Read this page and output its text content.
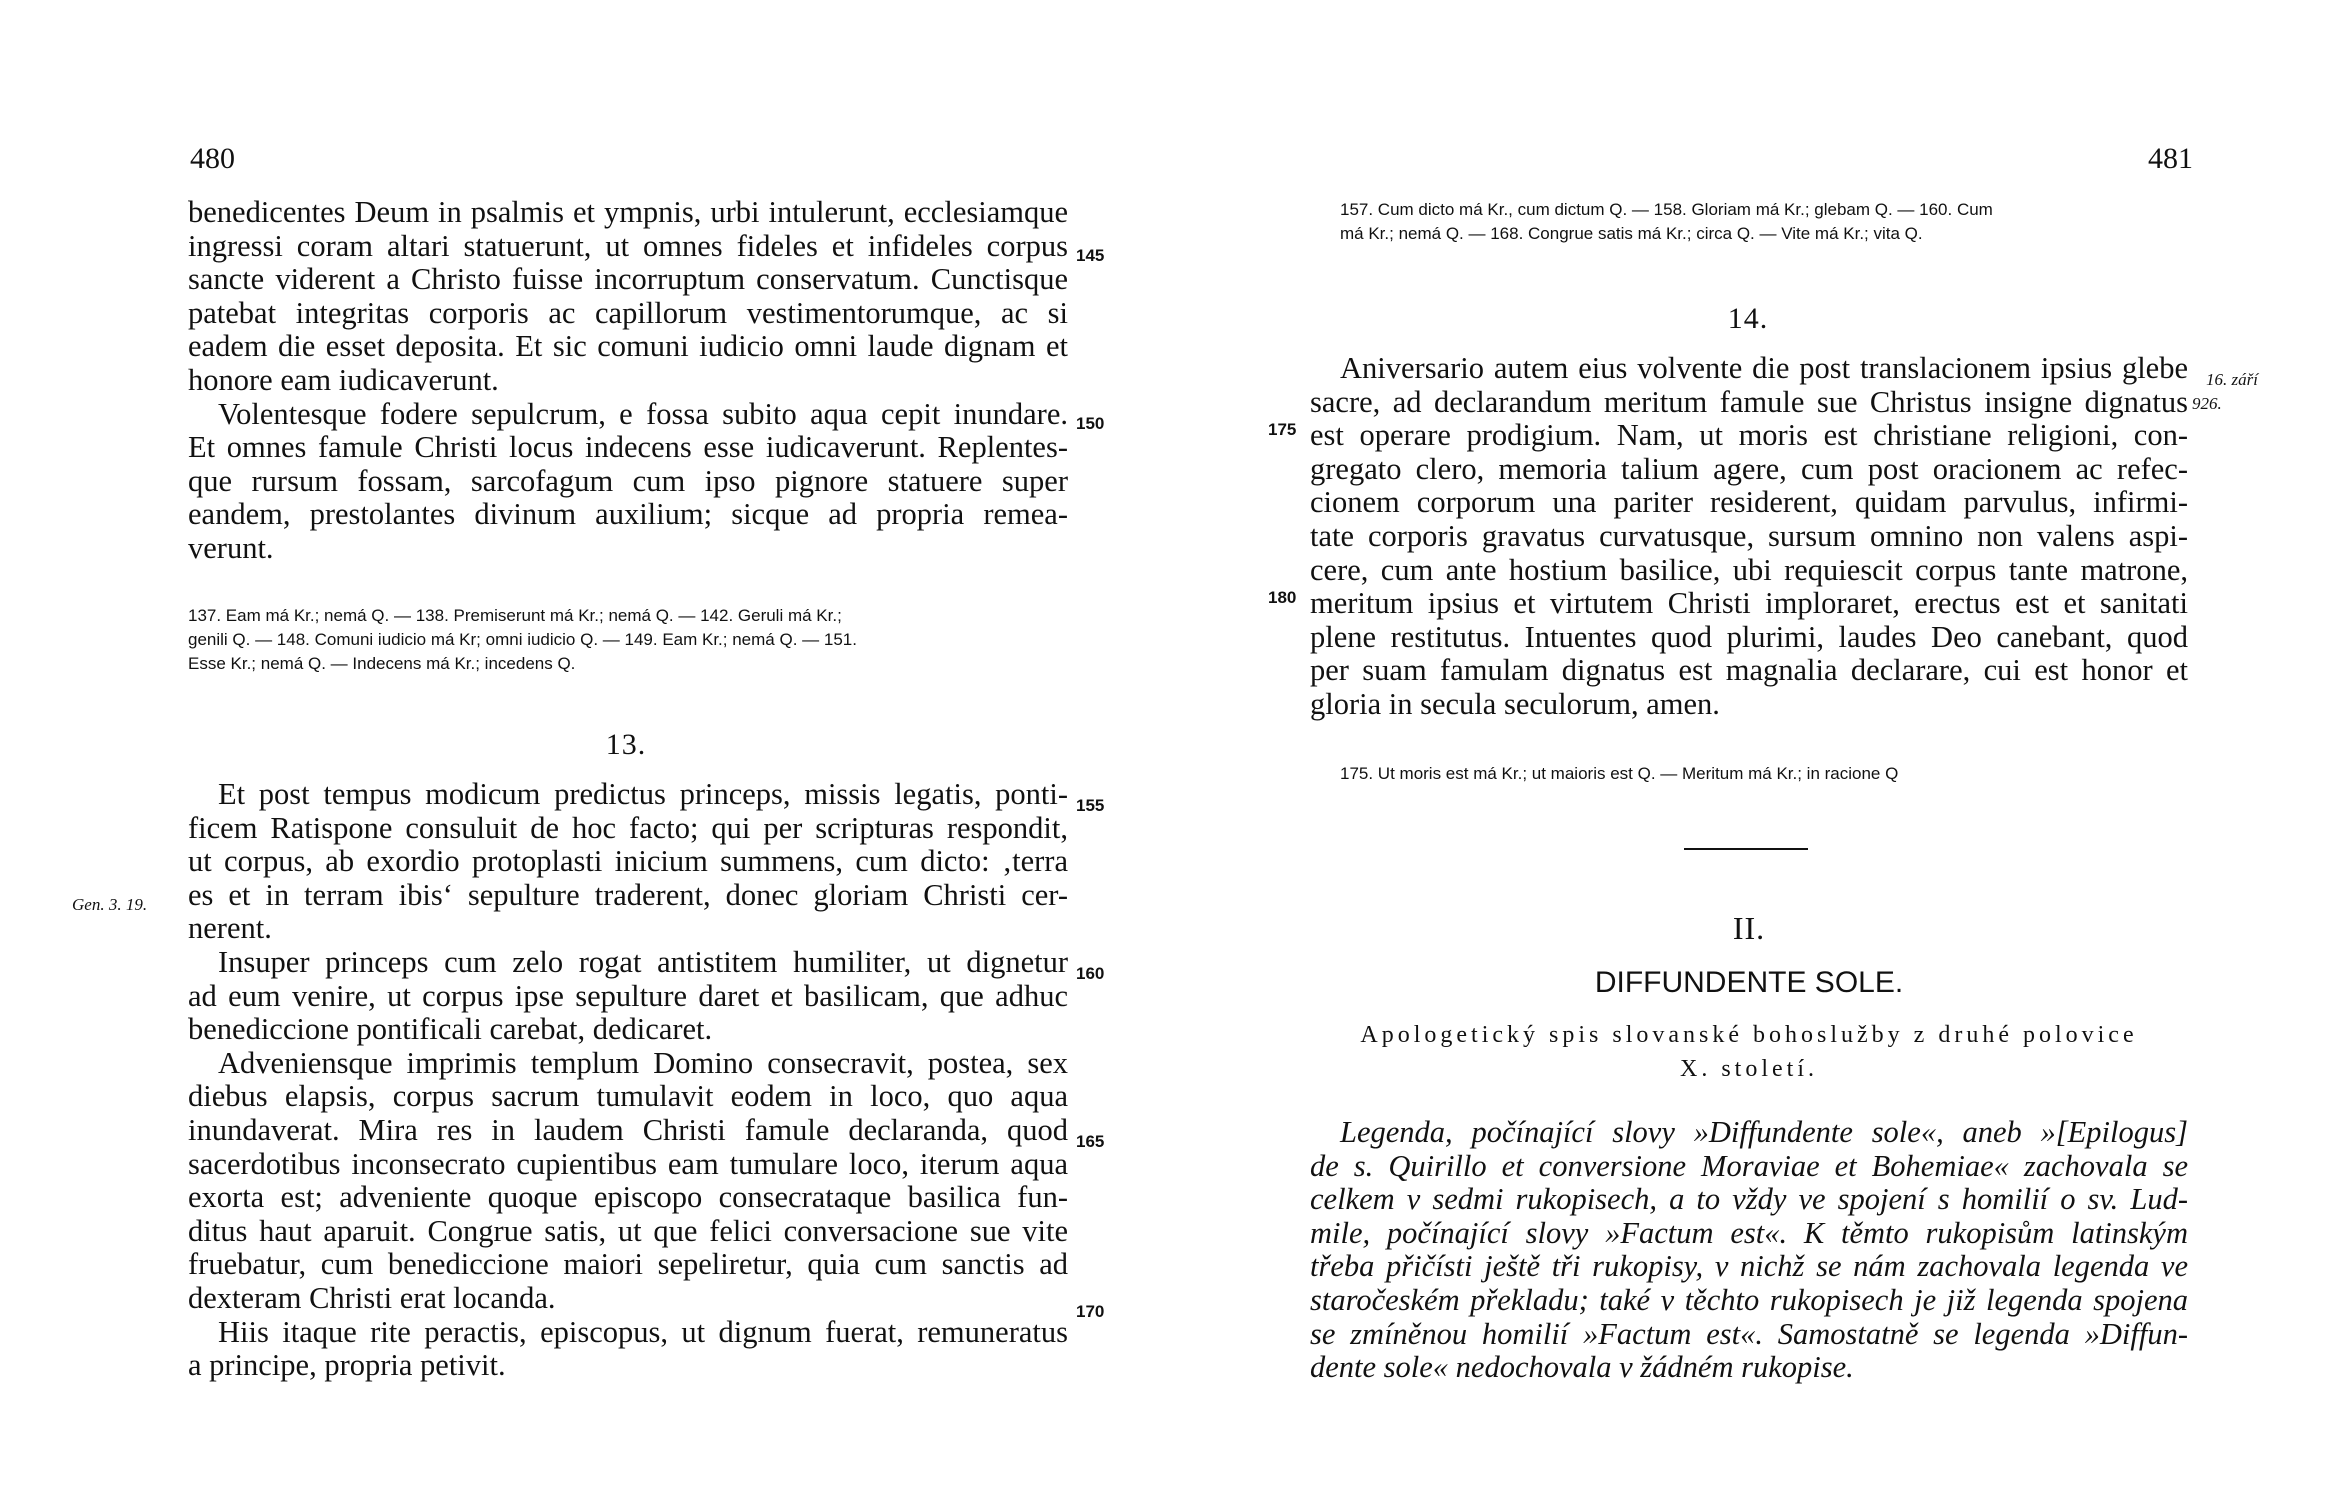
480
benedicentes Deum in psalmis et ympnis, urbi intulerunt, ecclesiamque
ingressi coram altari statuerunt, ut omnes fideles et infideles corpus
sancte viderent a Christo fuisse incorruptum conservatum. Cunctisque
patebat integritas corporis ac capillorum vestimentorumque, ac si
eadem die esset deposita. Et sic comuni iudicio omni laude dignam et
honore eam iudicaverunt.
Volentesque fodere sepulcrum, e fossa subito aqua cepit inundare.
Et omnes famule Christi locus indecens esse iudicaverunt. Replentes-
que rursum fossam, sarcofagum cum ipso pignore statuere super
eandem, prestolantes divinum auxilium; sicque ad propria remea-
verunt.
145
150
137. Eam má Kr.; nemá Q. — 138. Premiserunt má Kr.; nemá Q. — 142. Geruli má Kr.;
genili Q. — 148. Comuni iudicio má Kr; omni iudicio Q. — 149. Eam Kr.; nemá Q. — 151.
Esse Kr.; nemá Q. — Indecens má Kr.; incedens Q.
13.
Et post tempus modicum predictus princeps, missis legatis, ponti-
ficem Ratispone consuluit de hoc facto; qui per scripturas respondit,
ut corpus, ab exordio protoplasti inicium summens, cum dicto: ‚terra
es et in terram ibis‘ sepulture traderent, donec gloriam Christi cer-
nerent.
Insuper princeps cum zelo rogat antistitem humiliter, ut dignetur
ad eum venire, ut corpus ipse sepulture daret et basilicam, que adhuc
benediccione pontificali carebat, dedicaret.
Adveniensque imprimis templum Domino consecravit, postea, sex
diebus elapsis, corpus sacrum tumulavit eodem in loco, quo aqua
inundaverat. Mira res in laudem Christi famule declaranda, quod
sacerdotibus inconsecrato cupientibus eam tumulare loco, iterum aqua
exorta est; adveniente quoque episcopo consecrataque basilica fun-
ditus haut aparuit. Congrue satis, ut que felici conversacione sue vite
fruebatur, cum benediccione maiori sepeliretur, quia cum sanctis ad
dexteram Christi erat locanda.
Hiis itaque rite peractis, episcopus, ut dignum fuerat, remuneratus
a principe, propria petivit.
155
160
165
170
Gen. 3. 19.
481
157. Cum dicto má Kr., cum dictum Q. — 158. Gloriam má Kr.; glebam Q. — 160. Cum
má Kr.; nemá Q. — 168. Congrue satis má Kr.; circa Q. — Vite má Kr.; vita Q.
14.
Aniversario autem eius volvente die post translacionem ipsius glebe
sacre, ad declarandum meritum famule sue Christus insigne dignatus
est operare prodigium. Nam, ut moris est christiane religioni, con-
gregato clero, memoria talium agere, cum post oracionem ac refec-
cionem corporum una pariter residerent, quidam parvulus, infirmi-
tate corporis gravatus curvatusque, sursum omnino non valens aspi-
cere, cum ante hostium basilice, ubi requiescit corpus tante matrone,
meritum ipsius et virtutem Christi imploraret, erectus est et sanitati
plene restitutus. Intuentes quod plurimi, laudes Deo canebant, quod
per suam famulam dignatus est magnalia declarare, cui est honor et
gloria in secula seculorum, amen.
175
180
16. září
926.
175. Ut moris est má Kr.; ut maioris est Q. — Meritum má Kr.; in racione Q
II.
DIFFUNDENTE SOLE.
Apologetický spis slovanské bohoslužby z druhé polovice
X. století.
Legenda, počínající slovy »Diffundente sole«, aneb »[Epilogus]
de s. Quirillo et conversione Moraviae et Bohemiae« zachovala se
celkem v sedmi rukopisech, a to vždy ve spojení s homilií o sv. Lud-
mile, počínající slovy »Factum est«. K těmto rukopisům latinským
třeba přičísti ještě tři rukopisy, v nichž se nám zachovala legenda ve
staročeském překladu; také v těchto rukopisech je již legenda spojena
se zmíněnou homilií »Factum est«. Samostatně se legenda »Diffun-
dente sole« nedochovala v žádném rukopise.
